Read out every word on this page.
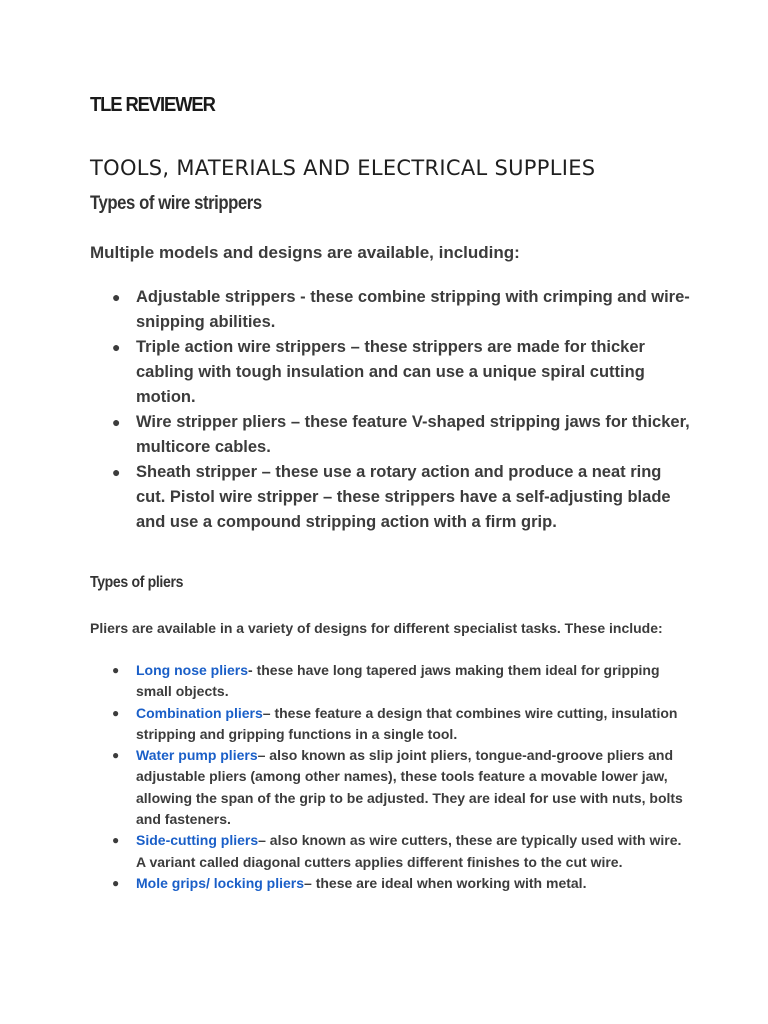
TLE REVIEWER
TOOLS, MATERIALS AND ELECTRICAL SUPPLIES
Types of wire strippers

Multiple models and designs are available, including:

● Adjustable strippers - these combine stripping with crimping and wire-snipping abilities.
● Triple action wire strippers – these strippers are made for thicker cabling with tough insulation and can use a unique spiral cutting motion.
● Wire stripper pliers – these feature V-shaped stripping jaws for thicker, multicore cables.
● Sheath stripper – these use a rotary action and produce a neat ring cut. Pistol wire stripper – these strippers have a self-adjusting blade and use a compound stripping action with a firm grip.
Types of pliers

Pliers are available in a variety of designs for different specialist tasks. These include:

● Long nose pliers- these have long tapered jaws making them ideal for gripping small objects.
● Combination pliers– these feature a design that combines wire cutting, insulation stripping and gripping functions in a single tool.
● Water pump pliers– also known as slip joint pliers, tongue-and-groove pliers and adjustable pliers (among other names), these tools feature a movable lower jaw, allowing the span of the grip to be adjusted. They are ideal for use with nuts, bolts and fasteners.
● Side-cutting pliers– also known as wire cutters, these are typically used with wire. A variant called diagonal cutters applies different finishes to the cut wire.
● Mole grips/ locking pliers– these are ideal when working with metal.
